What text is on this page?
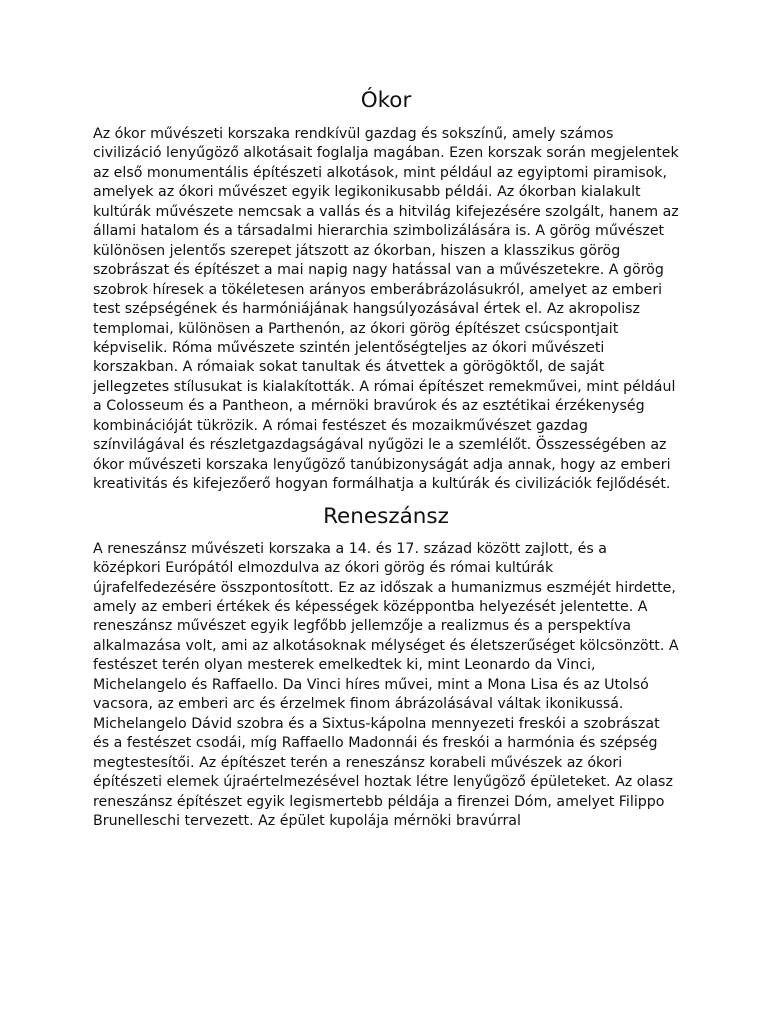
Ókor

Az ókor művészeti korszaka rendkívül gazdag és sokszínű, amely számos civilizáció lenyűgöző alkotásait foglalja magában. Ezen korszak során megjelentek az első monumentális építészeti alkotások, mint például az egyiptomi piramisok, amelyek az ókori művészet egyik legikonikusabb példái. Az ókorban kialakult kultúrák művészete nemcsak a vallás és a hitvilág kifejezésére szolgált, hanem az állami hatalom és a társadalmi hierarchia szimbolizálására is. A görög művészet különösen jelentős szerepet játszott az ókorban, hiszen a klasszikus görög szobrászat és építészet a mai napig nagy hatással van a művészetekre. A görög szobrok híresek a tökéletesen arányos emberábrázolásukról, amelyet az emberi test szépségének és harmóniájának hangsúlyozásával értek el. Az akropolisz templomai, különösen a Parthenón, az ókori görög építészet csúcspontjait képviselik. Róma művészete szintén jelentőségteljes az ókori művészeti korszakban. A rómaiak sokat tanultak és átvettek a görögöktől, de saját jellegzetes stílusukat is kialakították. A római építészet remekművei, mint például a Colosseum és a Pantheon, a mérnöki bravúrok és az esztétikai érzékenység kombinációját tükrözik. A római festészet és mozaikművészet gazdag színvilágával és részletgazdagságával nyűgözi le a szemlélőt. Összességében az ókor művészeti korszaka lenyűgöző tanúbizonyságát adja annak, hogy az emberi kreativitás és kifejezőerő hogyan formálhatja a kultúrák és civilizációk fejlődését.

Reneszánsz

A reneszánsz művészeti korszaka a 14. és 17. század között zajlott, és a középkori Európától elmozdulva az ókori görög és római kultúrák újrafelfedezésére összpontosított. Ez az időszak a humanizmus eszméjét hirdette, amely az emberi értékek és képességek középpontba helyezését jelentette. A reneszánsz művészet egyik legfőbb jellemzője a realizmus és a perspektíva alkalmazása volt, ami az alkotásoknak mélységet és életszerűséget kölcsönzött. A festészet terén olyan mesterek emelkedtek ki, mint Leonardo da Vinci, Michelangelo és Raffaello. Da Vinci híres művei, mint a Mona Lisa és az Utolsó vacsora, az emberi arc és érzelmek finom ábrázolásával váltak ikonikussá. Michelangelo Dávid szobra és a Sixtus-kápolna mennyezeti freskói a szobrászat és a festészet csodái, míg Raffaello Madonnái és freskói a harmónia és szépség megtestesítői. Az építészet terén a reneszánsz korabeli művészek az ókori építészeti elemek újraértelmezésével hoztak létre lenyűgöző épületeket. Az olasz reneszánsz építészet egyik legismertebb példája a firenzei Dóm, amelyet Filippo Brunelleschi tervezett. Az épület kupolája mérnöki bravúrral
